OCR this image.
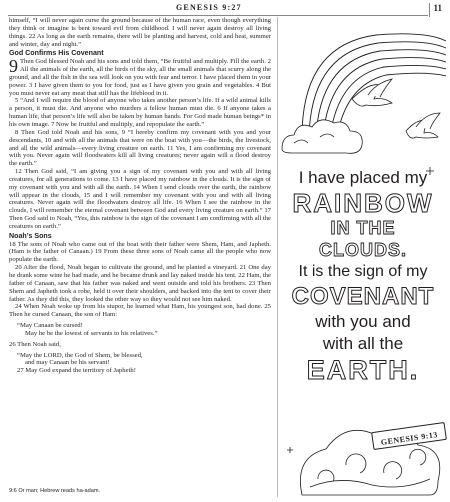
GENESIS 9:27	11

himself, “I will never again curse the ground because of the human race, even though everything they think or imagine is bent toward evil from childhood. I will never again destroy all living things. 22 As long as the earth remains, there will be planting and harvest, cold and heat, summer and winter, day and night.”

God Confirms His Covenant

9 Then God blessed Noah and his sons and told them, “Be fruitful and multiply. Fill the earth. 2 All the animals of the earth, all the birds of the sky, all the small animals that scurry along the ground, and all the fish in the sea will look on you with fear and terror. I have placed them in your power. 3 I have given them to you for food, just as I have given you grain and vegetables. 4 But you must never eat any meat that still has the lifeblood in it.

5 “And I will require the blood of anyone who takes another person’s life. If a wild animal kills a person, it must die. And anyone who murders a fellow human must die. 6 If anyone takes a human life, that person’s life will also be taken by human hands. For God made human beings* in his own image. 7 Now be fruitful and multiply, and repopulate the earth.”

8 Then God told Noah and his sons, 9 “I hereby confirm my covenant with you and your descendants, 10 and with all the animals that were on the boat with you—the birds, the livestock, and all the wild animals—every living creature on earth. 11 Yes, I am confirming my covenant with you. Never again will floodwaters kill all living creatures; never again will a flood destroy the earth.”

12 Then God said, “I am giving you a sign of my covenant with you and with all living creatures, for all generations to come. 13 I have placed my rainbow in the clouds. It is the sign of my covenant with you and with all the earth. 14 When I send clouds over the earth, the rainbow will appear in the clouds, 15 and I will remember my covenant with you and with all living creatures. Never again will the floodwaters destroy all life. 16 When I see the rainbow in the clouds, I will remember the eternal covenant between God and every living creature on earth.” 17 Then God said to Noah, “Yes, this rainbow is the sign of the covenant I am confirming with all the creatures on earth.”

Noah’s Sons

18 The sons of Noah who came out of the boat with their father were Shem, Ham, and Japheth. (Ham is the father of Canaan.) 19 From these three sons of Noah came all the people who now populate the earth.

20 After the flood, Noah began to cultivate the ground, and he planted a vineyard. 21 One day he drank some wine he had made, and he became drunk and lay naked inside his tent. 22 Ham, the father of Canaan, saw that his father was naked and went outside and told his brothers. 23 Then Shem and Japheth took a robe, held it over their shoulders, and backed into the tent to cover their father. As they did this, they looked the other way so they would not see him naked.

24 When Noah woke up from his stupor, he learned what Ham, his youngest son, had done. 25 Then he cursed Canaan, the son of Ham:

“May Canaan be cursed!
May he be the lowest of servants to his relatives.”

26 Then Noah said,

“May the LORD, the God of Shem, be blessed,
and may Canaan be his servant!
27 May God expand the territory of Japheth!
9:6 Or man; Hebrew reads ha-adam.
I have placed my
RAINBOW
IN THE CLOUDS.
It is the sign of my
COVENANT
with you and
with all the
EARTH.
GENESIS 9:13
